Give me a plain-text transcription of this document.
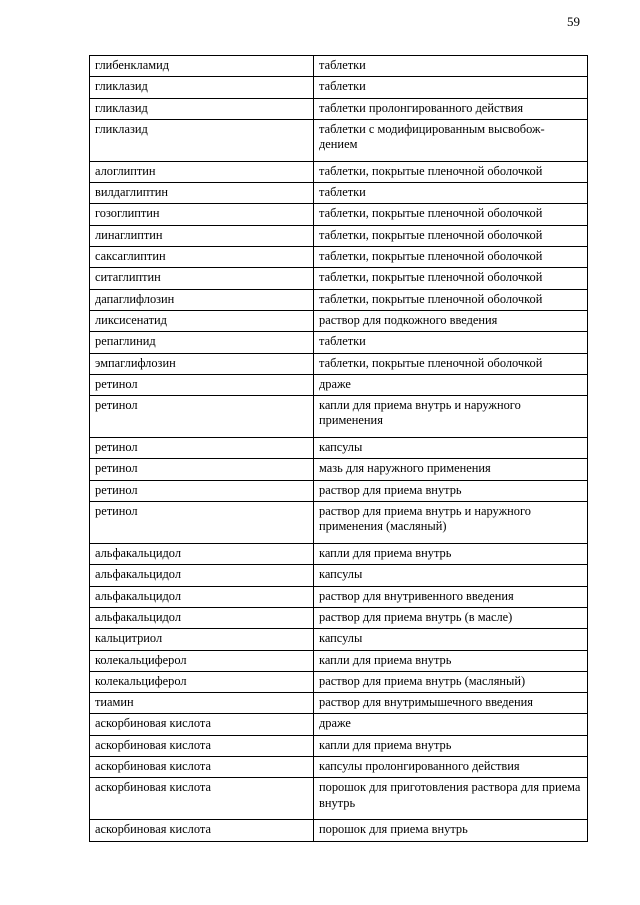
59
глибенкламид	таблетки
гликлазид	таблетки
гликлазид	таблетки пролонгированного действия
гликлазид	таблетки с модифицированным высвобож-дением
алоглиптин	таблетки, покрытые пленочной оболочкой
вилдаглиптин	таблетки
гозоглиптин	таблетки, покрытые пленочной оболочкой
линаглиптин	таблетки, покрытые пленочной оболочкой
саксаглиптин	таблетки, покрытые пленочной оболочкой
ситаглиптин	таблетки, покрытые пленочной оболочкой
дапаглифлозин	таблетки, покрытые пленочной оболочкой
ликсисенатид	раствор для подкожного введения
репаглинид	таблетки
эмпаглифлозин	таблетки, покрытые пленочной оболочкой
ретинол	драже
ретинол	капли для приема внутрь и наружного применения
ретинол	капсулы
ретинол	мазь для наружного применения
ретинол	раствор для приема внутрь
ретинол	раствор для приема внутрь и наружного применения (масляный)
альфакальцидол	капли для приема внутрь
альфакальцидол	капсулы
альфакальцидол	раствор для внутривенного введения
альфакальцидол	раствор для приема внутрь (в масле)
кальцитриол	капсулы
колекальциферол	капли для приема внутрь
колекальциферол	раствор для приема внутрь (масляный)
тиамин	раствор для внутримышечного введения
аскорбиновая кислота	драже
аскорбиновая кислота	капли для приема внутрь
аскорбиновая кислота	капсулы пролонгированного действия
аскорбиновая кислота	порошок для приготовления раствора для приема внутрь
аскорбиновая кислота	порошок для приема внутрь
